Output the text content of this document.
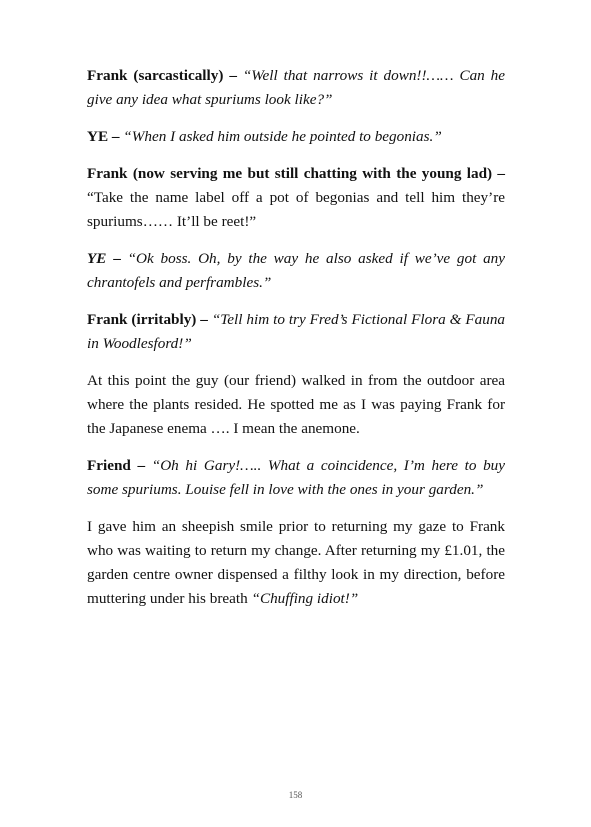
Frank (sarcastically) – “Well that narrows it down!!…… Can he give any idea what spuriums look like?”

YE – “When I asked him outside he pointed to begonias.”

Frank (now serving me but still chatting with the young lad) – “Take the name label off a pot of begonias and tell him they’re spuriums…… It’ll be reet!”

YE – “Ok boss. Oh, by the way he also asked if we’ve got any chrantofels and perframbles.”

Frank (irritably) – “Tell him to try Fred’s Fictional Flora & Fauna in Woodlesford!”

At this point the guy (our friend) walked in from the outdoor area where the plants resided. He spotted me as I was paying Frank for the Japanese enema …. I mean the anemone.

Friend – “Oh hi Gary!….. What a coincidence, I’m here to buy some spuriums. Louise fell in love with the ones in your garden.”

I gave him an sheepish smile prior to returning my gaze to Frank who was waiting to return my change. After returning my £1.01, the garden centre owner dispensed a filthy look in my direction, before muttering under his breath “Chuffing idiot!”

158
